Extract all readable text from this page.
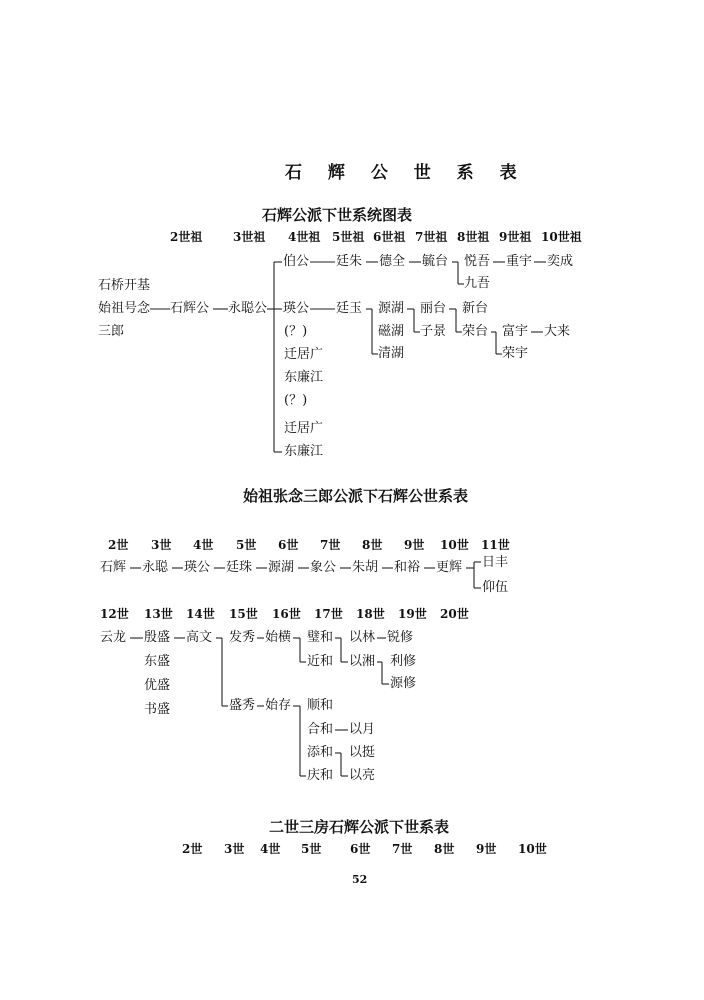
石 辉 公 世 系 表
石辉公派下世系统图表
2世祖	3世祖 4世祖 5世祖 6世祖 7世祖 8世祖 9世祖 10世祖
石桥开基
始祖号念
三郎
石辉公 永聪公
伯公 廷朱 德全 毓台 悦吾
九吾
重宇 奕成
瑛公 廷玉 源湖
磁湖
清湖
丽台
子景
新台
荣台 富宇 大来
荣宇
(？)
迁居广
东廉江
(？)
迁居广
东廉江
始祖张念三郎公派下石辉公世系表
2世 3世 4世 5世 6世 7世 8世 9世 10世 11世
石辉 永聪 瑛公 廷珠 源湖 象公 朱胡 和裕 更辉 日丰
仰伍
12世 13世 14世 15世 16世 17世 18世 19世 20世
云龙 殷盛
东盛
优盛
书盛
高文 发秀 始横 璧和
近和
以林 锐修
以湘 利修
源修
盛秀 始存 顺和
合和 以月
添和 以挺
庆和 以亮
二世三房石辉公派下世系表
2世 3世 4世 5世 6世 7世 8世 9世 10世
52
